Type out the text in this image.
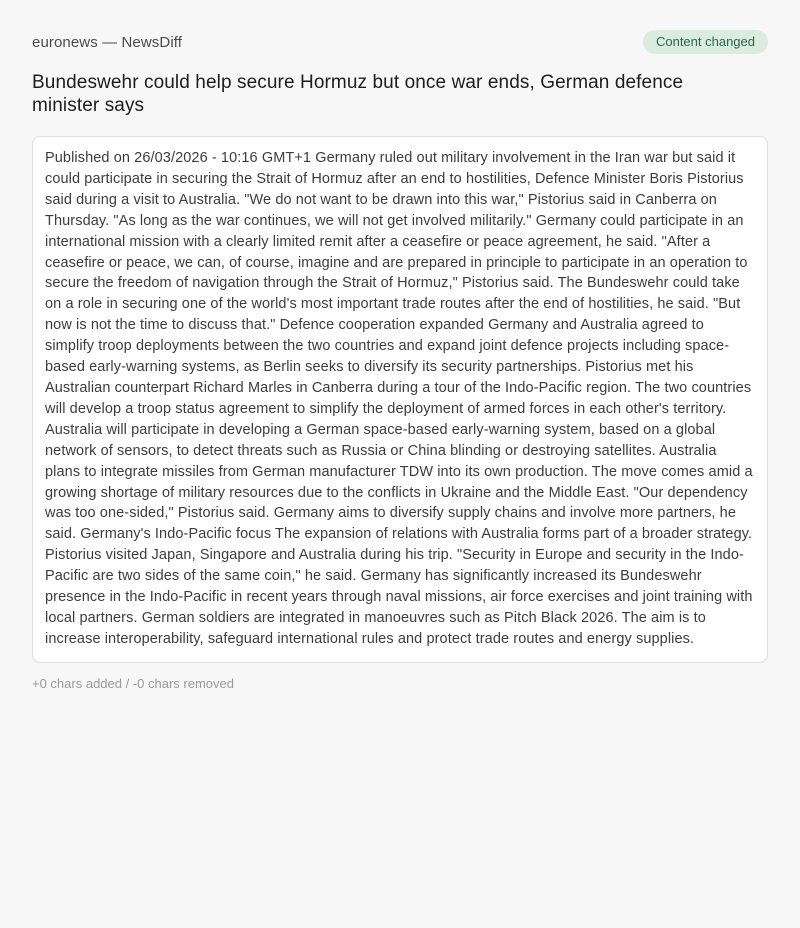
euronews — NewsDiff	Content changed
Bundeswehr could help secure Hormuz but once war ends, German defence minister says

Published on 26/03/2026 - 10:16 GMT+1 Germany ruled out military involvement in the Iran war but said it could participate in securing the Strait of Hormuz after an end to hostilities, Defence Minister Boris Pistorius said during a visit to Australia. "We do not want to be drawn into this war," Pistorius said in Canberra on Thursday. "As long as the war continues, we will not get involved militarily." Germany could participate in an international mission with a clearly limited remit after a ceasefire or peace agreement, he said. "After a ceasefire or peace, we can, of course, imagine and are prepared in principle to participate in an operation to secure the freedom of navigation through the Strait of Hormuz," Pistorius said. The Bundeswehr could take on a role in securing one of the world's most important trade routes after the end of hostilities, he said. "But now is not the time to discuss that." Defence cooperation expanded Germany and Australia agreed to simplify troop deployments between the two countries and expand joint defence projects including space-based early-warning systems, as Berlin seeks to diversify its security partnerships. Pistorius met his Australian counterpart Richard Marles in Canberra during a tour of the Indo-Pacific region. The two countries will develop a troop status agreement to simplify the deployment of armed forces in each other's territory. Australia will participate in developing a German space-based early-warning system, based on a global network of sensors, to detect threats such as Russia or China blinding or destroying satellites. Australia plans to integrate missiles from German manufacturer TDW into its own production. The move comes amid a growing shortage of military resources due to the conflicts in Ukraine and the Middle East. "Our dependency was too one-sided," Pistorius said. Germany aims to diversify supply chains and involve more partners, he said. Germany's Indo-Pacific focus The expansion of relations with Australia forms part of a broader strategy. Pistorius visited Japan, Singapore and Australia during his trip. "Security in Europe and security in the Indo-Pacific are two sides of the same coin," he said. Germany has significantly increased its Bundeswehr presence in the Indo-Pacific in recent years through naval missions, air force exercises and joint training with local partners. German soldiers are integrated in manoeuvres such as Pitch Black 2026. The aim is to increase interoperability, safeguard international rules and protect trade routes and energy supplies.

+0 chars added / -0 chars removed
